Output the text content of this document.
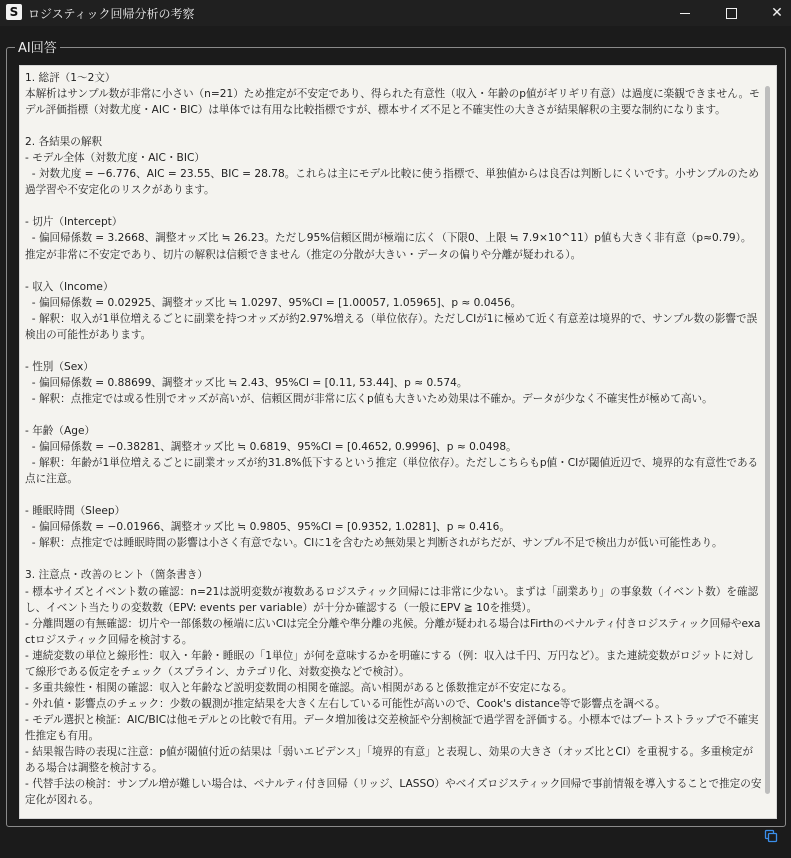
S ロジスティック回帰分析の考察	✕
AI回答
1. 総評（1〜2文）
本解析はサンプル数が非常に小さい（n=21）ため推定が不安定であり、得られた有意性（収入・年齢のp値がギリギリ有意）は過度に楽観できません。モデル評価指標（対数尤度・AIC・BIC）は単体では有用な比較指標ですが、標本サイズ不足と不確実性の大きさが結果解釈の主要な制約になります。

2. 各結果の解釈
- モデル全体（対数尤度・AIC・BIC）
- 対数尤度 = −6.776、AIC = 23.55、BIC = 28.78。これらは主にモデル比較に使う指標で、単独値からは良否は判断しにくいです。小サンプルのため過学習や不安定化のリスクがあります。

- 切片（Intercept）
- 偏回帰係数 = 3.2668、調整オッズ比 ≒ 26.23。ただし95%信頼区間が極端に広く（下限0、上限 ≒ 7.9×10^11）p値も大きく非有意（p≈0.79）。推定が非常に不安定であり、切片の解釈は信頼できません（推定の分散が大きい・データの偏りや分離が疑われる）。

- 収入（Income）
- 偏回帰係数 = 0.02925、調整オッズ比 ≒ 1.0297、95%CI = [1.00057, 1.05965]、p ≈ 0.0456。
- 解釈：収入が1単位増えるごとに副業を持つオッズが約2.97%増える（単位依存）。ただしCIが1に極めて近く有意差は境界的で、サンプル数の影響で誤検出の可能性があります。

- 性別（Sex）
- 偏回帰係数 = 0.88699、調整オッズ比 ≒ 2.43、95%CI = [0.11, 53.44]、p ≈ 0.574。
- 解釈：点推定では或る性別でオッズが高いが、信頼区間が非常に広くp値も大きいため効果は不確か。データが少なく不確実性が極めて高い。

- 年齢（Age）
- 偏回帰係数 = −0.38281、調整オッズ比 ≒ 0.6819、95%CI = [0.4652, 0.9996]、p ≈ 0.0498。
- 解釈：年齢が1単位増えるごとに副業オッズが約31.8%低下するという推定（単位依存）。ただしこちらもp値・CIが閾値近辺で、境界的な有意性である点に注意。

- 睡眠時間（Sleep）
- 偏回帰係数 = −0.01966、調整オッズ比 ≒ 0.9805、95%CI = [0.9352, 1.0281]、p ≈ 0.416。
- 解釈：点推定では睡眠時間の影響は小さく有意でない。CIに1を含むため無効果と判断されがちだが、サンプル不足で検出力が低い可能性あり。

3. 注意点・改善のヒント（箇条書き）
- 標本サイズとイベント数の確認：n=21は説明変数が複数あるロジスティック回帰には非常に少ない。まずは「副業あり」の事象数（イベント数）を確認し、イベント当たりの変数数（EPV: events per variable）が十分か確認する（一般にEPV ≧ 10を推奨）。
- 分離問題の有無確認：切片や一部係数の極端に広いCIは完全分離や準分離の兆候。分離が疑われる場合はFirthのペナルティ付きロジスティック回帰やexactロジスティック回帰を検討する。
- 連続変数の単位と線形性：収入・年齢・睡眠の「1単位」が何を意味するかを明確にする（例：収入は千円、万円など）。また連続変数がロジットに対して線形である仮定をチェック（スプライン、カテゴリ化、対数変換などで検討）。
- 多重共線性・相関の確認：収入と年齢など説明変数間の相関を確認。高い相関があると係数推定が不安定になる。
- 外れ値・影響点のチェック：少数の観測が推定結果を大きく左右している可能性が高いので、Cook's distance等で影響点を調べる。
- モデル選択と検証：AIC/BICは他モデルとの比較で有用。データ増加後は交差検証や分割検証で過学習を評価する。小標本ではブートストラップで不確実性推定も有用。
- 結果報告時の表現に注意：p値が閾値付近の結果は「弱いエビデンス」「境界的有意」と表現し、効果の大きさ（オッズ比とCI）を重視する。多重検定がある場合は調整を検討する。
- 代替手法の検討：サンプル増が難しい場合は、ペナルティ付き回帰（リッジ、LASSO）やベイズロジスティック回帰で事前情報を導入することで推定の安定化が図れる。
